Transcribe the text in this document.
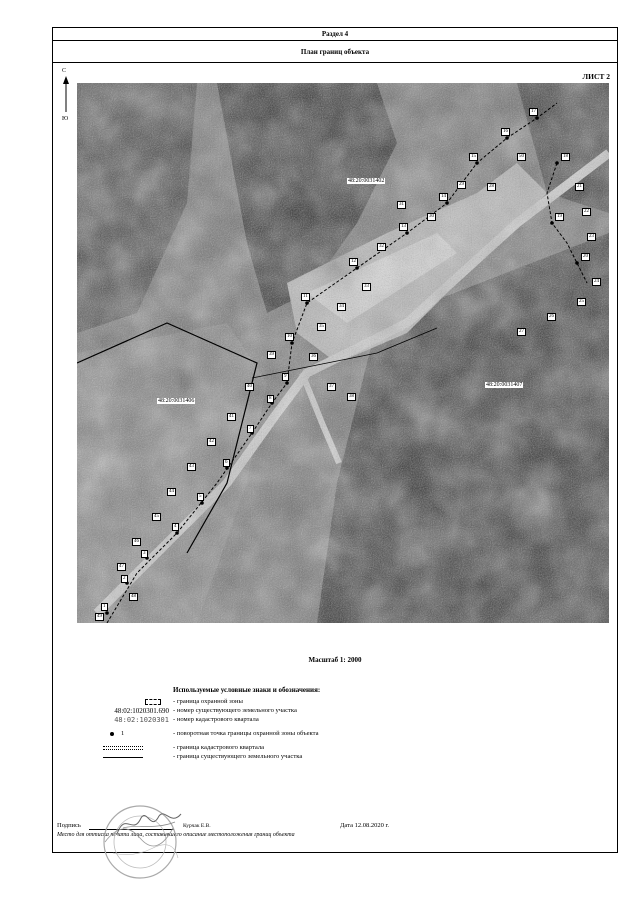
Раздел 4
План границ объекта
ЛИСТ 2
С
Ю
48:20:0031402
48:20:0031407
48:20:0031406
1
2
3
4
5
6
7
8
9
10
11
12
13
14
15
16
17
18
19
20
21
22
23
24
25
26
27
28
29
30
31
32
33
34
35
36
37
38
39
40
41
42
43
44
45
46
47
48
49
50
Масштаб 1: 2000
Используемые условные знаки и обозначения:
- граница охранной зоны
48:02:1020301.690 - номер существующего земельного участка
48:02:1020301 - номер кадастрового квартала
1	- поворотная точка границы охранной зоны объекта
- граница кадастрового квартала
- граница существующего земельного участка
Подпись	Курчак Е.В.	Дата 12.08.2020 г.
Место для оттиска печати лица, составившего описание местоположения границ объекта
